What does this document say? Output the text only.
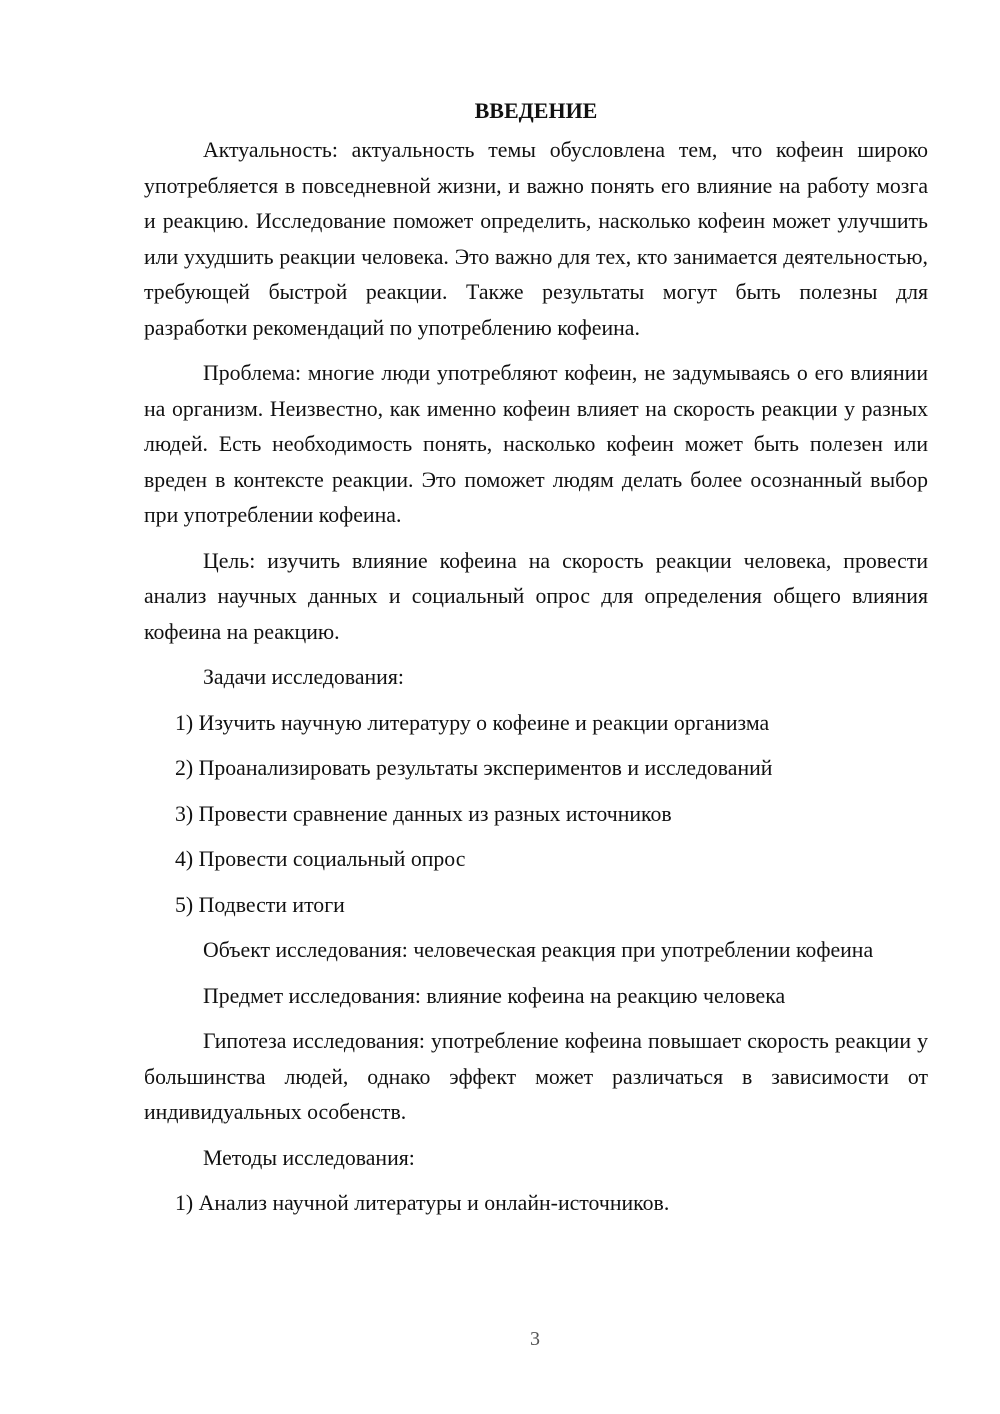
ВВЕДЕНИЕ

Актуальность: актуальность темы обусловлена тем, что кофеин широко употребляется в повседневной жизни, и важно понять его влияние на работу мозга и реакцию. Исследование поможет определить, насколько кофеин может улучшить или ухудшить реакции человека. Это важно для тех, кто занимается деятельностью, требующей быстрой реакции. Также результаты могут быть полезны для разработки рекомендаций по употреблению кофеина.

Проблема: многие люди употребляют кофеин, не задумываясь о его влиянии на организм. Неизвестно, как именно кофеин влияет на скорость реакции у разных людей. Есть необходимость понять, насколько кофеин может быть полезен или вреден в контексте реакции. Это поможет людям делать более осознанный выбор при употреблении кофеина.

Цель: изучить влияние кофеина на скорость реакции человека, провести анализ научных данных и социальный опрос для определения общего влияния кофеина на реакцию.

Задачи исследования:

1) Изучить научную литературу о кофеине и реакции организма

2) Проанализировать результаты экспериментов и исследований

3) Провести сравнение данных из разных источников

4) Провести социальный опрос

5) Подвести итоги

Объект исследования: человеческая реакция при употреблении кофеина

Предмет исследования: влияние кофеина на реакцию человека

Гипотеза исследования: употребление кофеина повышает скорость реакции у большинства людей, однако эффект может различаться в зависимости от индивидуальных особенств.

Методы исследования:

1) Анализ научной литературы и онлайн-источников.

3
